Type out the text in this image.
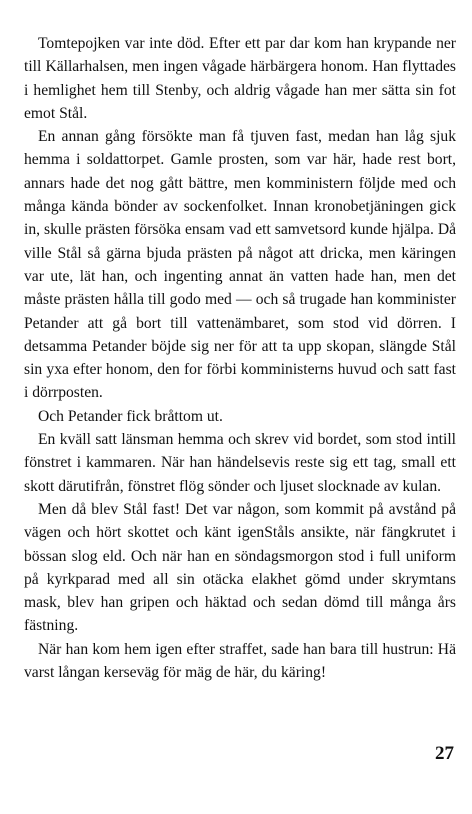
Tomtepojken var inte död. Efter ett par dar kom han krypande ner till Källarhalsen, men ingen vågade härbärgera honom. Han flyttades i hemlighet hem till Stenby, och aldrig vågade han mer sätta sin fot emot Stål.

En annan gång försökte man få tjuven fast, medan han låg sjuk hemma i soldattorpet. Gamle prosten, som var här, hade rest bort, annars hade det nog gått bättre, men komministern följde med och många kända bönder av sockenfolket. Innan kronobetjäningen gick in, skulle prästen försöka ensam vad ett samvetsord kunde hjälpa. Då ville Stål så gärna bjuda prästen på något att dricka, men käringen var ute, lät han, och ingenting annat än vatten hade han, men det måste prästen hålla till godo med — och så trugade han komminister Petander att gå bort till vattenämbaret, som stod vid dörren. I detsamma Petander böjde sig ner för att ta upp skopan, slängde Stål sin yxa efter honom, den for förbi komministerns huvud och satt fast i dörrposten.

Och Petander fick bråttom ut.

En kväll satt länsman hemma och skrev vid bordet, som stod intill fönstret i kammaren. När han händelsevis reste sig ett tag, small ett skott därutifrån, fönstret flög sönder och ljuset slocknade av kulan.

Men då blev Stål fast! Det var någon, som kommit på avstånd på vägen och hört skottet och känt igenStåls ansikte, när fängkrutet i bössan slog eld. Och när han en söndagsmorgon stod i full uniform på kyrkparad med all sin otäcka elakhet gömd under skrymtans mask, blev han gripen och häktad och sedan dömd till många års fästning.

När han kom hem igen efter straffet, sade han bara till hustrun: Hä varst långan kerseväg för mäg de här, du käring!

27
